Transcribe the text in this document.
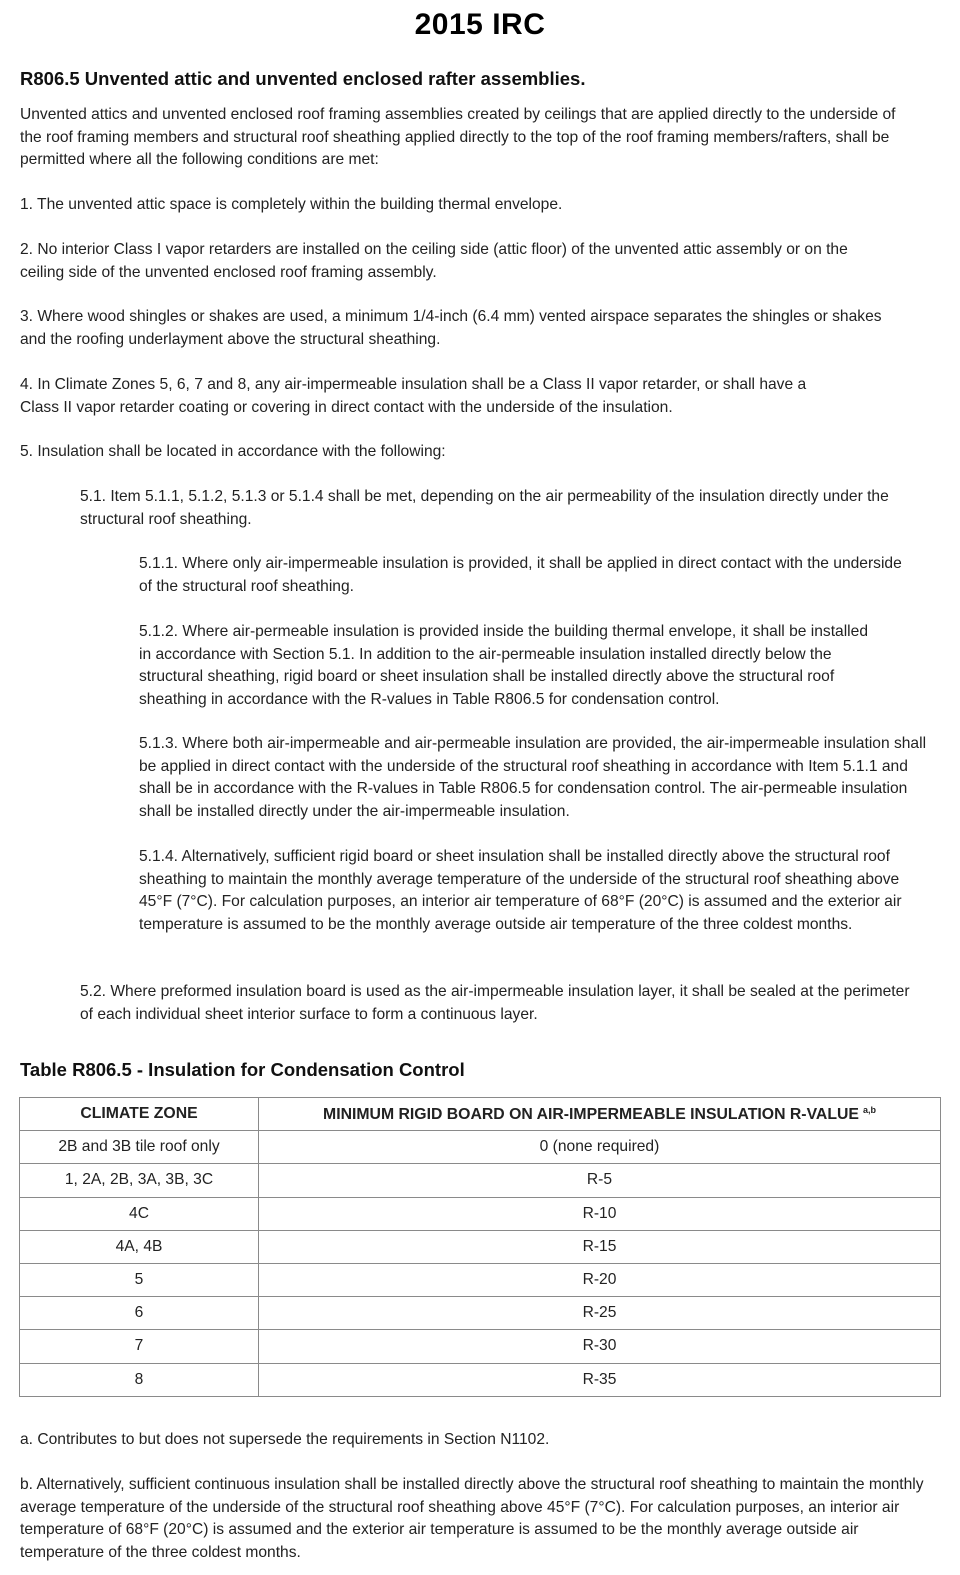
2015 IRC
R806.5 Unvented attic and unvented enclosed rafter assemblies.

Unvented attics and unvented enclosed roof framing assemblies created by ceilings that are applied directly to the underside of the roof framing members and structural roof sheathing applied directly to the top of the roof framing members/rafters, shall be permitted where all the following conditions are met:

1. The unvented attic space is completely within the building thermal envelope.

2. No interior Class I vapor retarders are installed on the ceiling side (attic floor) of the unvented attic assembly or on the ceiling side of the unvented enclosed roof framing assembly.

3. Where wood shingles or shakes are used, a minimum 1/4-inch (6.4 mm) vented airspace separates the shingles or shakes and the roofing underlayment above the structural sheathing.

4. In Climate Zones 5, 6, 7 and 8, any air-impermeable insulation shall be a Class II vapor retarder, or shall have a Class II vapor retarder coating or covering in direct contact with the underside of the insulation.

5. Insulation shall be located in accordance with the following:

5.1. Item 5.1.1, 5.1.2, 5.1.3 or 5.1.4 shall be met, depending on the air permeability of the insulation directly under the structural roof sheathing.

5.1.1. Where only air-impermeable insulation is provided, it shall be applied in direct contact with the underside of the structural roof sheathing.

5.1.2. Where air-permeable insulation is provided inside the building thermal envelope, it shall be installed in accordance with Section 5.1. In addition to the air-permeable insulation installed directly below the structural sheathing, rigid board or sheet insulation shall be installed directly above the structural roof sheathing in accordance with the R-values in Table R806.5 for condensation control.

5.1.3. Where both air-impermeable and air-permeable insulation are provided, the air-impermeable insulation shall be applied in direct contact with the underside of the structural roof sheathing in accordance with Item 5.1.1 and shall be in accordance with the R-values in Table R806.5 for condensation control. The air-permeable insulation shall be installed directly under the air-impermeable insulation.

5.1.4. Alternatively, sufficient rigid board or sheet insulation shall be installed directly above the structural roof sheathing to maintain the monthly average temperature of the underside of the structural roof sheathing above 45°F (7°C). For calculation purposes, an interior air temperature of 68°F (20°C) is assumed and the exterior air temperature is assumed to be the monthly average outside air temperature of the three coldest months.

5.2. Where preformed insulation board is used as the air-impermeable insulation layer, it shall be sealed at the perimeter of each individual sheet interior surface to form a continuous layer.

Table R806.5 - Insulation for Condensation Control
CLIMATE ZONE	MINIMUM RIGID BOARD ON AIR-IMPERMEABLE INSULATION R-VALUE $^{a,b}$
2B and 3B tile roof only	0 (none required)
1, 2A, 2B, 3A, 3B, 3C	R-5
4C	R-10
4A, 4B	R-15
5	R-20
6	R-25
7	R-30
8	R-35

a. Contributes to but does not supersede the requirements in Section N1102.

b. Alternatively, sufficient continuous insulation shall be installed directly above the structural roof sheathing to maintain the monthly average temperature of the underside of the structural roof sheathing above 45°F (7°C). For calculation purposes, an interior air temperature of 68°F (20°C) is assumed and the exterior air temperature is assumed to be the monthly average outside air temperature of the three coldest months.
